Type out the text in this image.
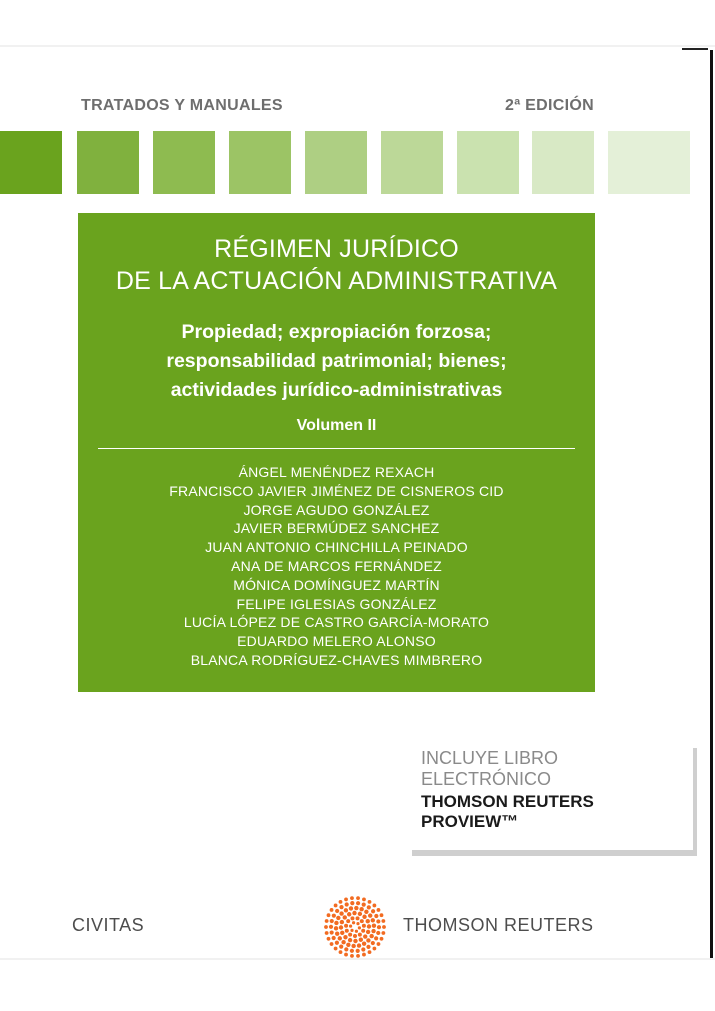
TRATADOS Y MANUALES	2ª EDICIÓN
RÉGIMEN JURÍDICO
DE LA ACTUACIÓN ADMINISTRATIVA
Propiedad; expropiación forzosa;
responsabilidad patrimonial; bienes;
actividades jurídico-administrativas
Volumen II
ÁNGEL MENÉNDEZ REXACH
FRANCISCO JAVIER JIMÉNEZ DE CISNEROS CID
JORGE AGUDO GONZÁLEZ
JAVIER BERMÚDEZ SANCHEZ
JUAN ANTONIO CHINCHILLA PEINADO
ANA DE MARCOS FERNÁNDEZ
MÓNICA DOMÍNGUEZ MARTÍN
FELIPE IGLESIAS GONZÁLEZ
LUCÍA LÓPEZ DE CASTRO GARCÍA-MORATO
EDUARDO MELERO ALONSO
BLANCA RODRÍGUEZ-CHAVES MIMBRERO
INCLUYE LIBRO
ELECTRÓNICO
THOMSON REUTERS
PROVIEW™
CIVITAS	THOMSON REUTERS
